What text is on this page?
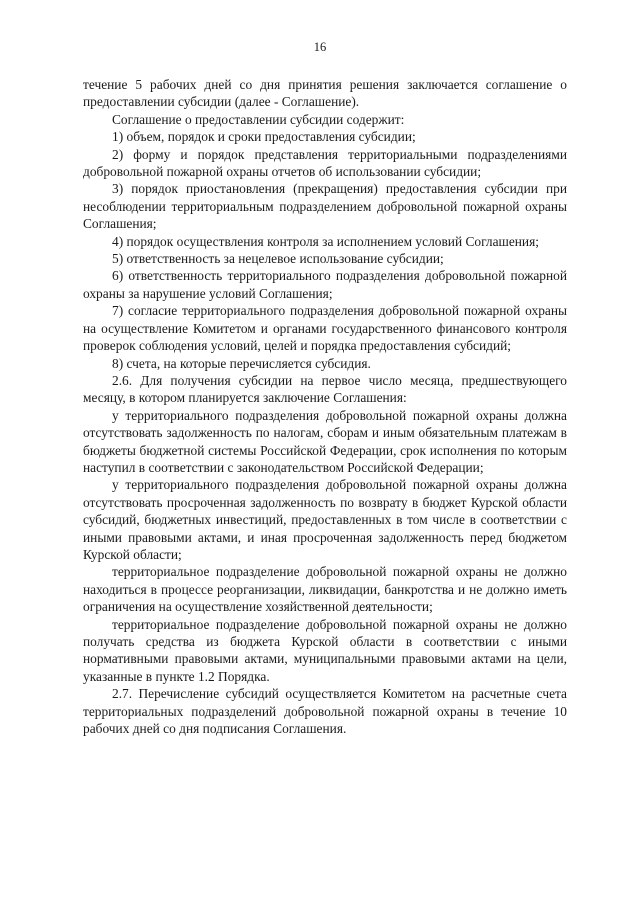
16

течение 5 рабочих дней со дня принятия решения заключается соглашение о предоставлении субсидии (далее - Соглашение).

Соглашение о предоставлении субсидии содержит:

1) объем, порядок и сроки предоставления субсидии;

2) форму и порядок представления территориальными подразделениями добровольной пожарной охраны отчетов об использовании субсидии;

3) порядок приостановления (прекращения) предоставления субсидии при несоблюдении территориальным подразделением добровольной пожарной охраны Соглашения;

4) порядок осуществления контроля за исполнением условий Соглашения;

5) ответственность за нецелевое использование субсидии;

6) ответственность территориального подразделения добровольной пожарной охраны за нарушение условий Соглашения;

7) согласие территориального подразделения добровольной пожарной охраны на осуществление Комитетом и органами государственного финансового контроля проверок соблюдения условий, целей и порядка предоставления субсидий;

8) счета, на которые перечисляется субсидия.

2.6. Для получения субсидии на первое число месяца, предшествующего месяцу, в котором планируется заключение Соглашения:

у территориального подразделения добровольной пожарной охраны должна отсутствовать задолженность по налогам, сборам и иным обязательным платежам в бюджеты бюджетной системы Российской Федерации, срок исполнения по которым наступил в соответствии с законодательством Российской Федерации;

у территориального подразделения добровольной пожарной охраны должна отсутствовать просроченная задолженность по возврату в бюджет Курской области субсидий, бюджетных инвестиций, предоставленных в том числе в соответствии с иными правовыми актами, и иная просроченная задолженность перед бюджетом Курской области;

территориальное подразделение добровольной пожарной охраны не должно находиться в процессе реорганизации, ликвидации, банкротства и не должно иметь ограничения на осуществление хозяйственной деятельности;

территориальное подразделение добровольной пожарной охраны не должно получать средства из бюджета Курской области в соответствии с иными нормативными правовыми актами, муниципальными правовыми актами на цели, указанные в пункте 1.2 Порядка.

2.7. Перечисление субсидий осуществляется Комитетом на расчетные счета территориальных подразделений добровольной пожарной охраны в течение 10 рабочих дней со дня подписания Соглашения.
